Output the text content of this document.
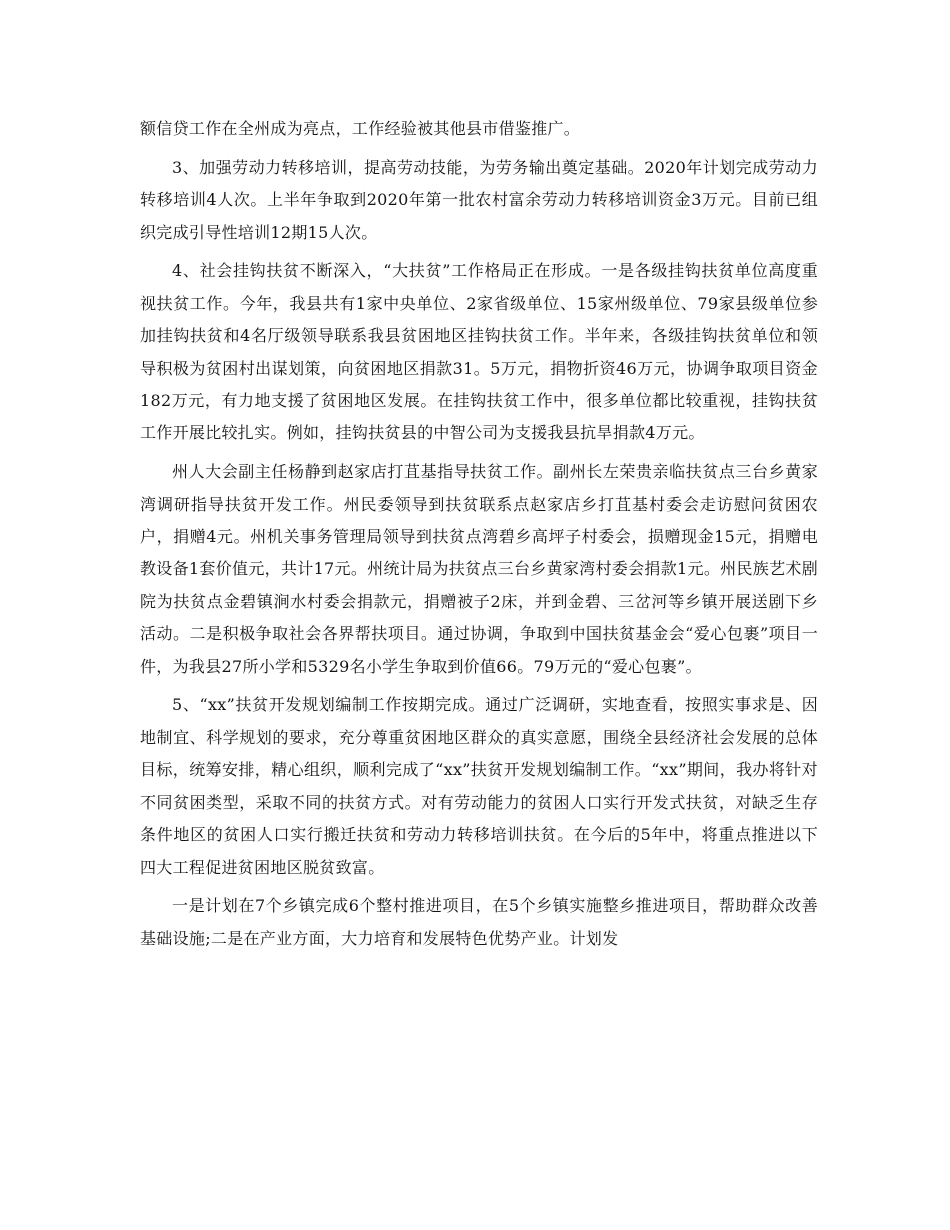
额信贷工作在全州成为亮点，工作经验被其他县市借鉴推广。

3、加强劳动力转移培训，提高劳动技能，为劳务输出奠定基础。2020年计划完成劳动力转移培训4人次。上半年争取到2020年第一批农村富余劳动力转移培训资金3万元。目前已组织完成引导性培训12期15人次。

4、社会挂钩扶贫不断深入，“大扶贫”工作格局正在形成。一是各级挂钩扶贫单位高度重视扶贫工作。今年，我县共有1家中央单位、2家省级单位、15家州级单位、79家县级单位参加挂钩扶贫和4名厅级领导联系我县贫困地区挂钩扶贫工作。半年来，各级挂钩扶贫单位和领导积极为贫困村出谋划策，向贫困地区捐款31。5万元，捐物折资46万元，协调争取项目资金182万元，有力地支援了贫困地区发展。在挂钩扶贫工作中，很多单位都比较重视，挂钩扶贫工作开展比较扎实。例如，挂钩扶贫县的中智公司为支援我县抗旱捐款4万元。

州人大会副主任杨静到赵家店打苴基指导扶贫工作。副州长左荣贵亲临扶贫点三台乡黄家湾调研指导扶贫开发工作。州民委领导到扶贫联系点赵家店乡打苴基村委会走访慰问贫困农户，捐赠4元。州机关事务管理局领导到扶贫点湾碧乡高坪子村委会，损赠现金15元，捐赠电教设备1套价值元，共计17元。州统计局为扶贫点三台乡黄家湾村委会捐款1元。州民族艺术剧院为扶贫点金碧镇涧水村委会捐款元，捐赠被子2床，并到金碧、三岔河等乡镇开展送剧下乡活动。二是积极争取社会各界帮扶项目。通过协调，争取到中国扶贫基金会“爱心包裹”项目一件，为我县27所小学和5329名小学生争取到价值66。79万元的“爱心包裹”。

5、“xx”扶贫开发规划编制工作按期完成。通过广泛调研，实地查看，按照实事求是、因地制宜、科学规划的要求，充分尊重贫困地区群众的真实意愿，围绕全县经济社会发展的总体目标，统筹安排，精心组织，顺利完成了“xx”扶贫开发规划编制工作。“xx”期间，我办将针对不同贫困类型，采取不同的扶贫方式。对有劳动能力的贫困人口实行开发式扶贫，对缺乏生存条件地区的贫困人口实行搬迁扶贫和劳动力转移培训扶贫。在今后的5年中，将重点推进以下四大工程促进贫困地区脱贫致富。

一是计划在7个乡镇完成6个整村推进项目，在5个乡镇实施整乡推进项目，帮助群众改善基础设施;二是在产业方面，大力培育和发展特色优势产业。计划发
